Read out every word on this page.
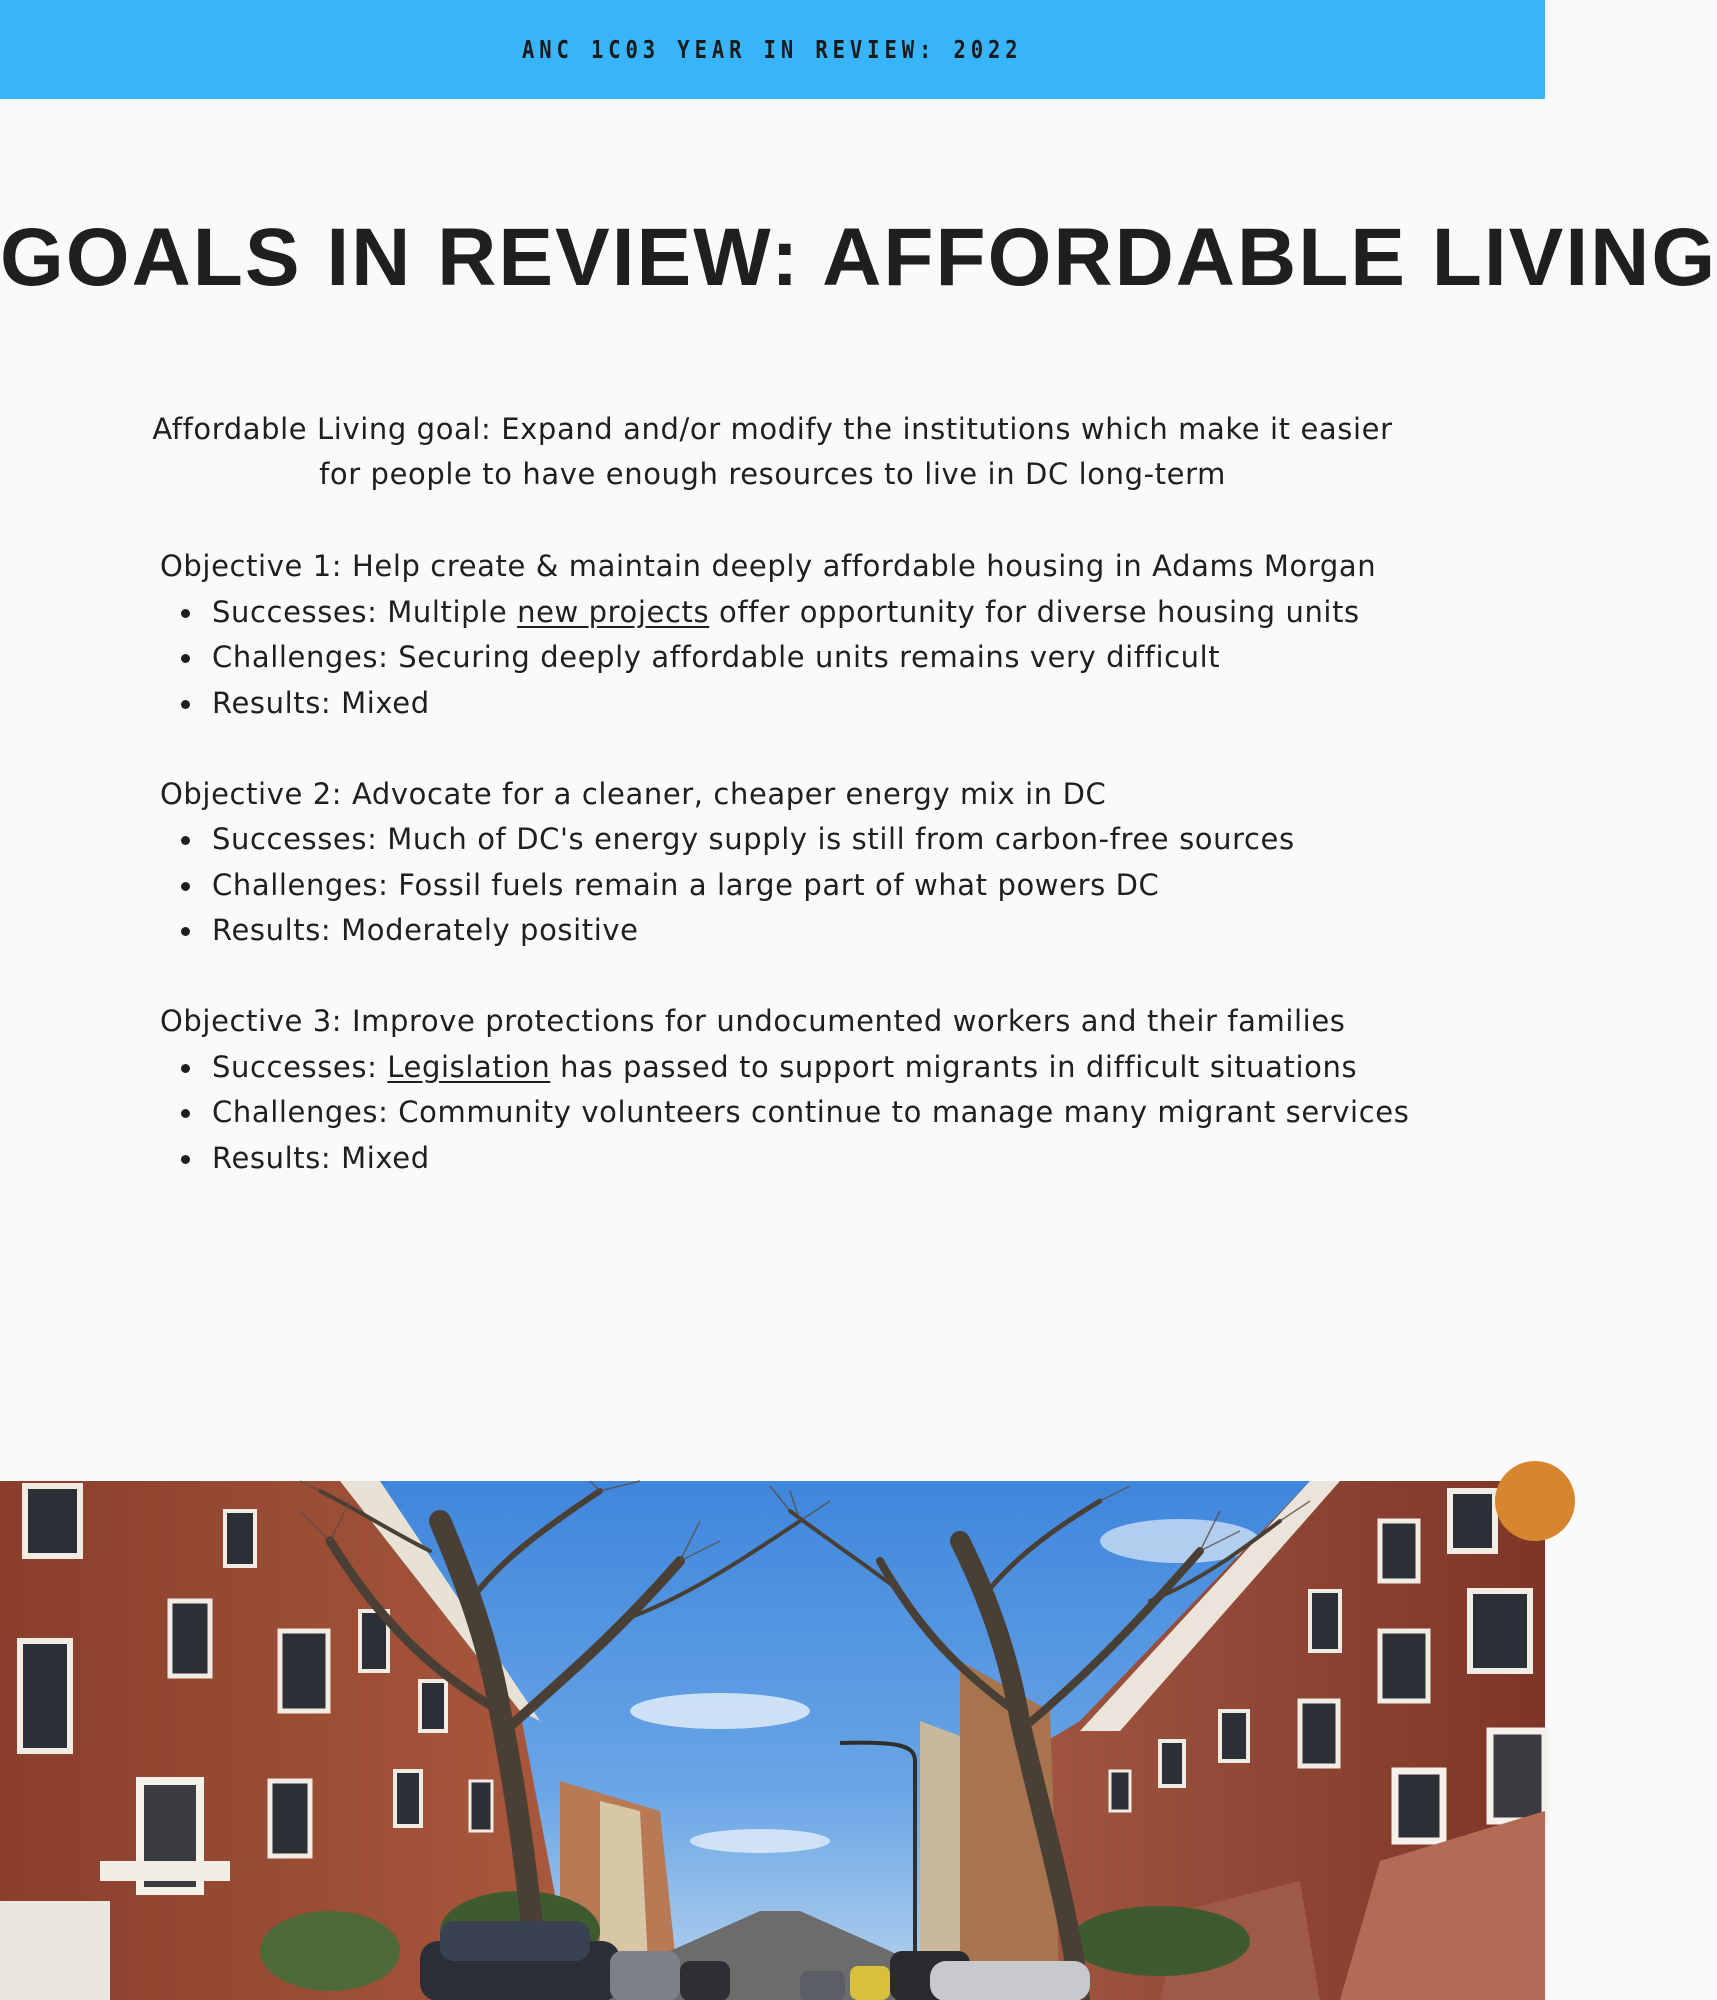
ANC 1C03 YEAR IN REVIEW: 2022
GOALS IN REVIEW: AFFORDABLE LIVING
Affordable Living goal: Expand and/or modify the institutions which make it easier
for people to have enough resources to live in DC long-term
Objective 1: Help create & maintain deeply affordable housing in Adams Morgan
Successes: Multiple new projects offer opportunity for diverse housing units
Challenges: Securing deeply affordable units remains very difficult
Results: Mixed
Objective 2: Advocate for a cleaner, cheaper energy mix in DC
Successes: Much of DC's energy supply is still from carbon-free sources
Challenges: Fossil fuels remain a large part of what powers DC
Results: Moderately positive
Objective 3: Improve protections for undocumented workers and their families
Successes: Legislation has passed to support migrants in difficult situations
Challenges: Community volunteers continue to manage many migrant services
Results: Mixed
